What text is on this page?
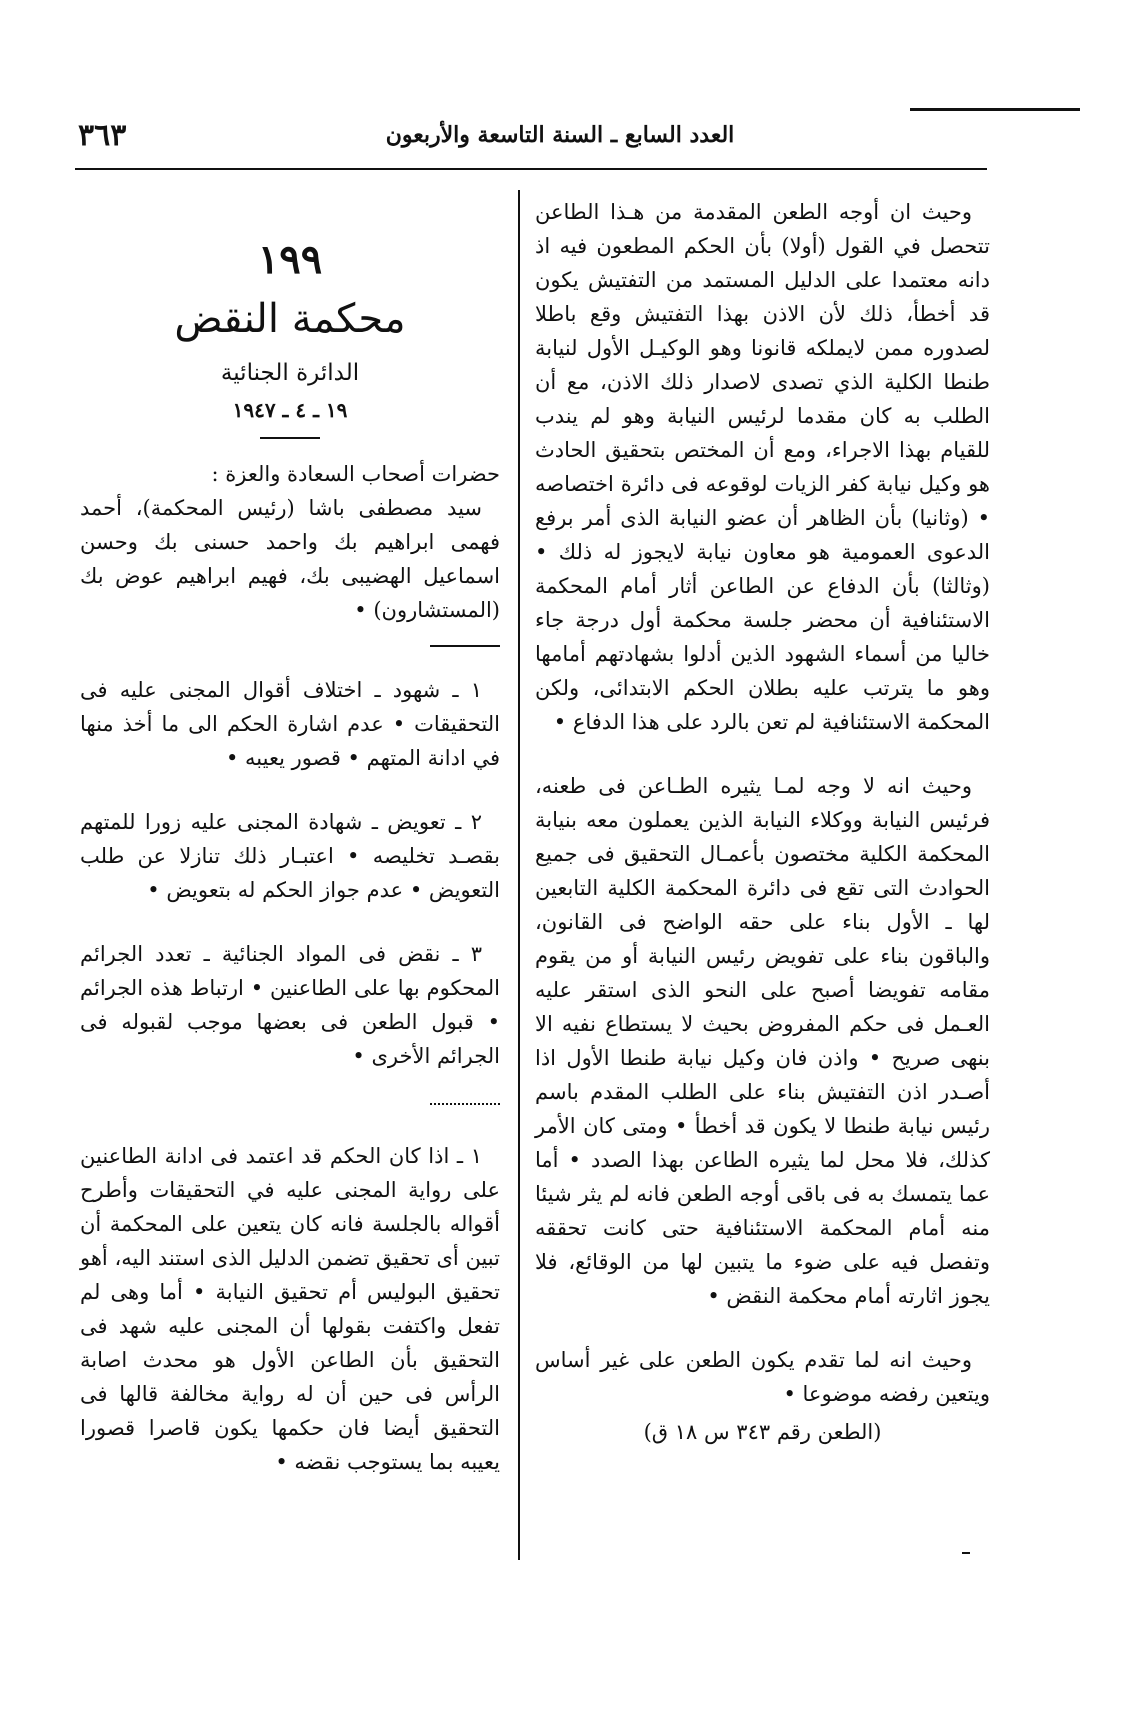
العدد السابع ـ السنة التاسعة والأربعون
٣٦٣

وحيث ان أوجه الطعن المقدمة من هـذا الطاعن تتحصل في القول (أولا) بأن الحكم المطعون فيه اذ دانه معتمدا على الدليل المستمد من التفتيش يكون قد أخطأ، ذلك لأن الاذن بهذا التفتيش وقع باطلا لصدوره ممن لايملكه قانونا وهو الوكيـل الأول لنيابة طنطا الكلية الذي تصدى لاصدار ذلك الاذن، مع أن الطلب به كان مقدما لرئيس النيابة وهو لم يندب للقيام بهذا الاجراء، ومع أن المختص بتحقيق الحادث هو وكيل نيابة كفر الزيات لوقوعه فى دائرة اختصاصه • (وثانيا) بأن الظاهر أن عضو النيابة الذى أمر برفع الدعوى العمومية هو معاون نيابة لايجوز له ذلك • (وثالثا) بأن الدفاع عن الطاعن أثار أمام المحكمة الاستئنافية أن محضر جلسة محكمة أول درجة جاء خاليا من أسماء الشهود الذين أدلوا بشهادتهم أمامها وهو ما يترتب عليه بطلان الحكم الابتدائى، ولكن المحكمة الاستئنافية لم تعن بالرد على هذا الدفاع •

وحيث انه لا وجه لمـا يثيره الطـاعن فى طعنه، فرئيس النيابة ووكلاء النيابة الذين يعملون معه بنيابة المحكمة الكلية مختصون بأعمـال التحقيق فى جميع الحوادث التى تقع فى دائرة المحكمة الكلية التابعين لها ـ الأول بناء على حقه الواضح فى القانون، والباقون بناء على تفويض رئيس النيابة أو من يقوم مقامه تفويضا أصبح على النحو الذى استقر عليه العـمل فى حكم المفروض بحيث لا يستطاع نفيه الا بنهى صريح • واذن فان وكيل نيابة طنطا الأول اذا أصـدر اذن التفتيش بناء على الطلب المقدم باسم رئيس نيابة طنطا لا يكون قد أخطأ • ومتى كان الأمر كذلك، فلا محل لما يثيره الطاعن بهذا الصدد • أما عما يتمسك به فى باقى أوجه الطعن فانه لم يثر شيئا منه أمام المحكمة الاستئنافية حتى كانت تحققه وتفصل فيه على ضوء ما يتبين لها من الوقائع، فلا يجوز اثارته أمام محكمة النقض •

وحيث انه لما تقدم يكون الطعن على غير أساس ويتعين رفضه موضوعا •

(الطعن رقم ٣٤٣ س ١٨ ق)

١٩٩

محكمة النقض

الدائرة الجنائية

١٩ ـ ٤ ـ ١٩٤٧

حضرات أصحاب السعادة والعزة :

سيد مصطفى باشا (رئيس المحكمة)، أحمد فهمى ابراهيم بك واحمد حسنى بك وحسن اسماعيل الهضيبى بك، فهيم ابراهيم عوض بك (المستشارون) •

١ ـ شهود ـ اختلاف أقوال المجنى عليه فى التحقيقات • عدم اشارة الحكم الى ما أخذ منها في ادانة المتهم • قصور يعيبه •

٢ ـ تعويض ـ شهادة المجنى عليه زورا للمتهم بقصـد تخليصه • اعتبـار ذلك تنازلا عن طلب التعويض • عدم جواز الحكم له بتعويض •

٣ ـ نقض فى المواد الجنائية ـ تعدد الجرائم المحكوم بها على الطاعنين • ارتباط هذه الجرائم • قبول الطعن فى بعضها موجب لقبوله فى الجرائم الأخرى •

١ ـ اذا كان الحكم قد اعتمد فى ادانة الطاعنين على رواية المجنى عليه في التحقيقات وأطرح أقواله بالجلسة فانه كان يتعين على المحكمة أن تبين أى تحقيق تضمن الدليل الذى استند اليه، أهو تحقيق البوليس أم تحقيق النيابة • أما وهى لم تفعل واكتفت بقولها أن المجنى عليه شهد فى التحقيق بأن الطاعن الأول هو محدث اصابة الرأس فى حين أن له رواية مخالفة قالها فى التحقيق أيضا فان حكمها يكون قاصرا قصورا يعيبه بما يستوجب نقضه •
